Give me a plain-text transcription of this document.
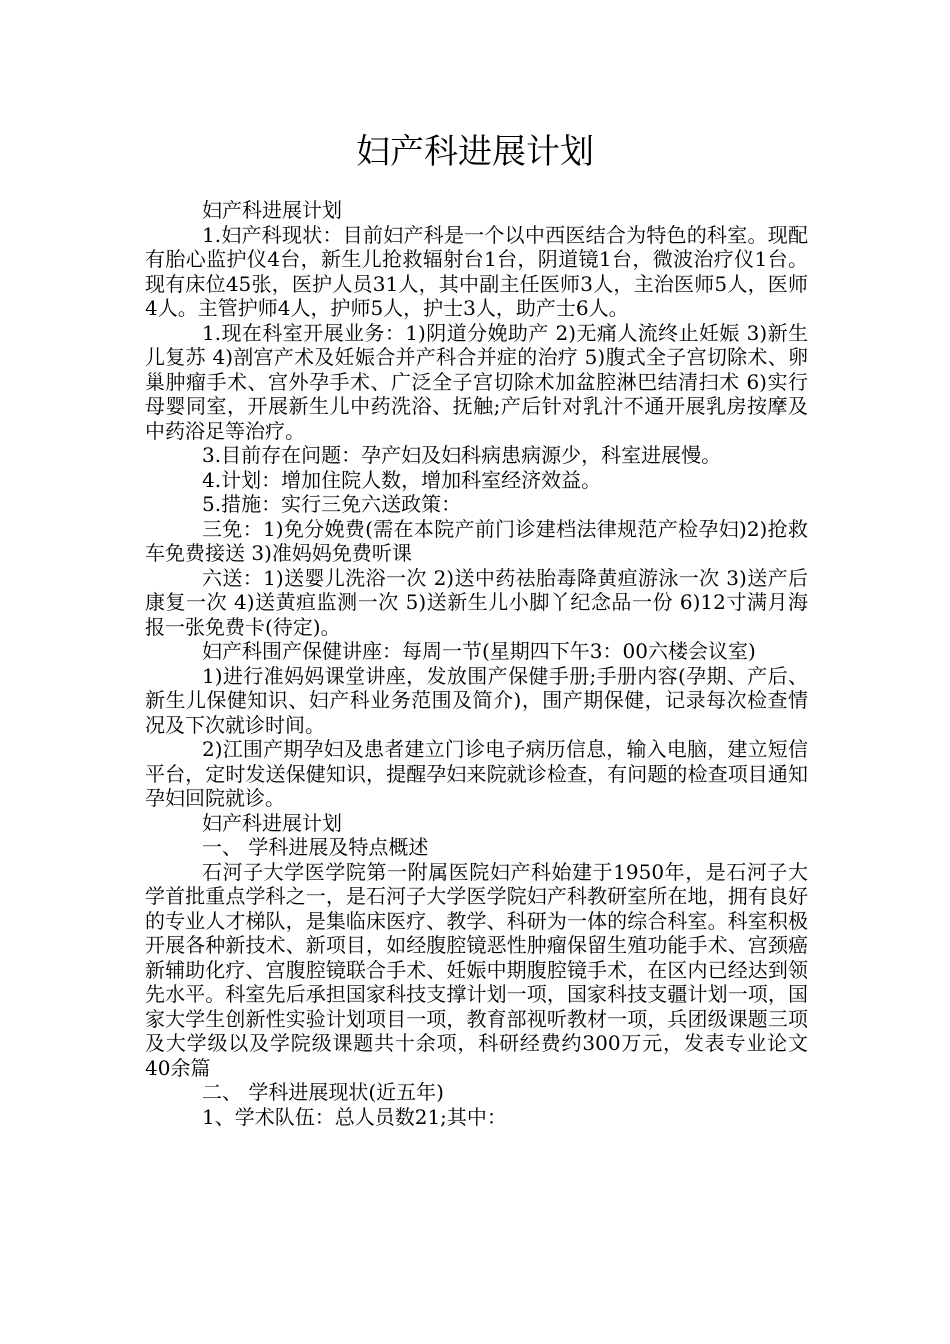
妇产科进展计划

妇产科进展计划

1.妇产科现状：目前妇产科是一个以中西医结合为特色的科室。现配有胎心监护仪4台，新生儿抢救辐射台1台，阴道镜1台，微波治疗仪1台。现有床位45张，医护人员31人，其中副主任医师3人，主治医师5人，医师4人。主管护师4人，护师5人，护士3人，助产士6人。

1.现在科室开展业务：1)阴道分娩助产 2)无痛人流终止妊娠 3)新生儿复苏 4)剖宫产术及妊娠合并产科合并症的治疗 5)腹式全子宫切除术、卵巢肿瘤手术、宫外孕手术、广泛全子宫切除术加盆腔淋巴结清扫术 6)实行母婴同室，开展新生儿中药洗浴、抚触;产后针对乳汁不通开展乳房按摩及中药浴足等治疗。

3.目前存在问题：孕产妇及妇科病患病源少，科室进展慢。

4.计划：增加住院人数，增加科室经济效益。

5.措施：实行三免六送政策：

三免：1)免分娩费(需在本院产前门诊建档法律规范产检孕妇)2)抢救车免费接送 3)准妈妈免费听课

六送：1)送婴儿洗浴一次 2)送中药祛胎毒降黄疸游泳一次 3)送产后康复一次 4)送黄疸监测一次 5)送新生儿小脚丫纪念品一份 6)12寸满月海报一张免费卡(待定)。

妇产科围产保健讲座：每周一节(星期四下午3：00六楼会议室)

1)进行准妈妈课堂讲座，发放围产保健手册;手册内容(孕期、产后、新生儿保健知识、妇产科业务范围及简介)，围产期保健，记录每次检查情况及下次就诊时间。

2)江围产期孕妇及患者建立门诊电子病历信息，输入电脑，建立短信平台，定时发送保健知识，提醒孕妇来院就诊检查，有问题的检查项目通知孕妇回院就诊。

妇产科进展计划

一、 学科进展及特点概述

石河子大学医学院第一附属医院妇产科始建于1950年，是石河子大学首批重点学科之一，是石河子大学医学院妇产科教研室所在地，拥有良好的专业人才梯队，是集临床医疗、教学、科研为一体的综合科室。科室积极开展各种新技术、新项目，如经腹腔镜恶性肿瘤保留生殖功能手术、宫颈癌新辅助化疗、宫腹腔镜联合手术、妊娠中期腹腔镜手术，在区内已经达到领先水平。科室先后承担国家科技支撑计划一项，国家科技支疆计划一项，国家大学生创新性实验计划项目一项，教育部视听教材一项，兵团级课题三项及大学级以及学院级课题共十余项，科研经费约300万元，发表专业论文40余篇

二、 学科进展现状(近五年)

1、学术队伍：总人员数21;其中：
